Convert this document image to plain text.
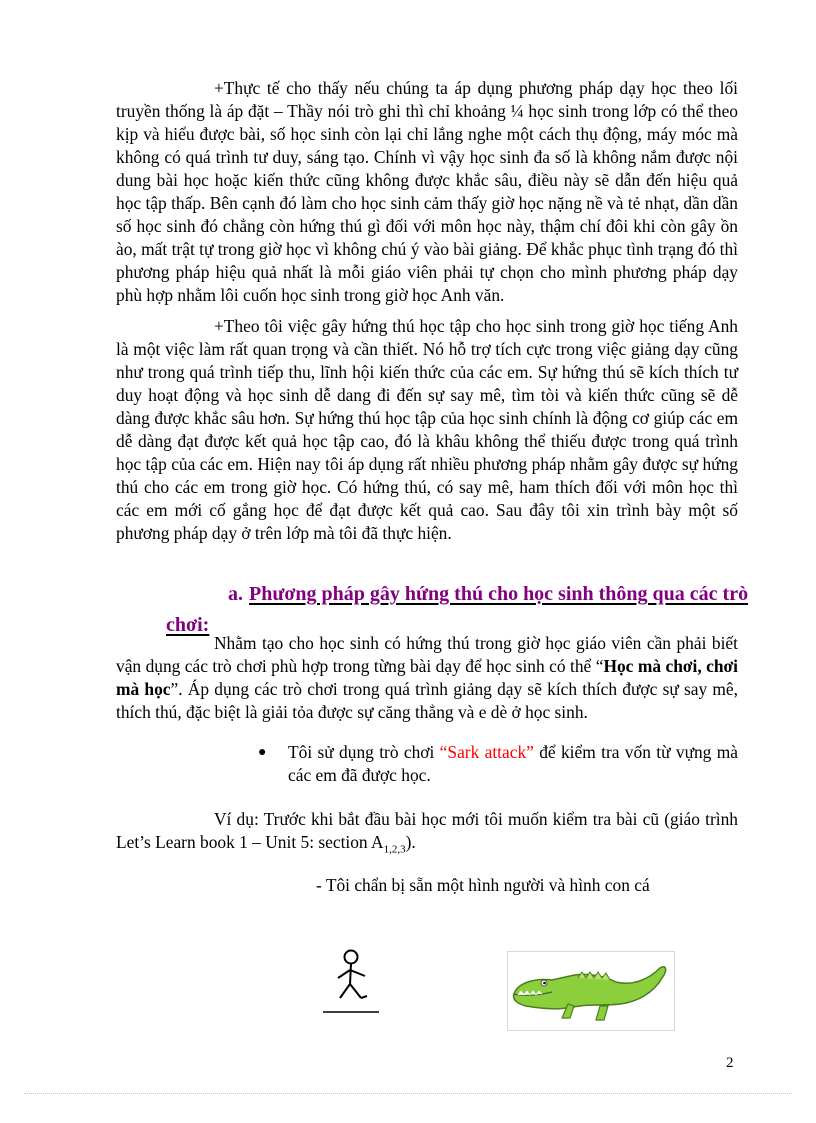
+Thực tế cho thấy nếu chúng ta áp dụng phương pháp dạy học theo lối truyền thống là áp đặt – Thầy nói trò ghi thì chỉ khoảng ¼ học sinh trong lớp có thể theo kịp và hiểu được bài, số học sinh còn lại chỉ lắng nghe một cách thụ động, máy móc mà không có quá trình tư duy, sáng tạo. Chính vì vậy học sinh đa số là không nắm được nội dung bài học hoặc kiến thức cũng không được khắc sâu, điều này sẽ dẫn đến hiệu quả học tập thấp. Bên cạnh đó làm cho học sinh cảm thấy giờ học nặng nề và tẻ nhạt, dần dần số học sinh đó chẳng còn hứng thú gì đối với môn học này, thậm chí đôi khi còn gây ồn ào, mất trật tự trong giờ học vì không chú ý vào bài giảng. Để khắc phục tình trạng đó thì phương pháp hiệu quả nhất là mỗi giáo viên phải tự chọn cho mình phương pháp dạy phù hợp nhằm lôi cuốn học sinh trong giờ học Anh văn.

+Theo tôi việc gây hứng thú học tập cho học sinh trong giờ học tiếng Anh là một việc làm rất quan trọng và cần thiết. Nó hỗ trợ tích cực trong việc giảng dạy cũng như trong quá trình tiếp thu, lĩnh hội kiến thức của các em. Sự hứng thú sẽ kích thích tư duy hoạt động và học sinh dễ dang đi đến sự say mê, tìm tòi và kiến thức cũng sẽ dễ dàng được khắc sâu hơn. Sự hứng thú học tập của học sinh chính là động cơ giúp các em dễ dàng đạt được kết quả học tập cao, đó là khâu không thể thiếu được trong quá trình học tập của các em. Hiện nay tôi áp dụng rất nhiều phương pháp nhằm gây được sự hứng thú cho các em trong giờ học. Có hứng thú, có say mê, ham thích đối với môn học thì các em mới cố gắng học để đạt được kết quả cao. Sau đây tôi xin trình bày một số phương pháp dạy ở trên lớp mà tôi đã thực hiện.

a. Phương pháp gây hứng thú cho học sinh thông qua các trò chơi:

Nhằm tạo cho học sinh có hứng thú trong giờ học giáo viên cần phải biết vận dụng các trò chơi phù hợp trong từng bài dạy để học sinh có thể “Học mà chơi, chơi mà học”. Áp dụng các trò chơi trong quá trình giảng dạy sẽ kích thích được sự say mê, thích thú, đặc biệt là giải tỏa được sự căng thẳng và e dè ở học sinh.

●	Tôi sử dụng trò chơi “Sark attack” để kiểm tra vốn từ vựng mà các em đã được học.

Ví dụ: Trước khi bắt đầu bài học mới tôi muốn kiểm tra bài cũ (giáo trình Let’s Learn book 1 – Unit 5: section $A_{1,2,3}$).

- Tôi chẩn bị sẵn một hình người và hình con cá
2
